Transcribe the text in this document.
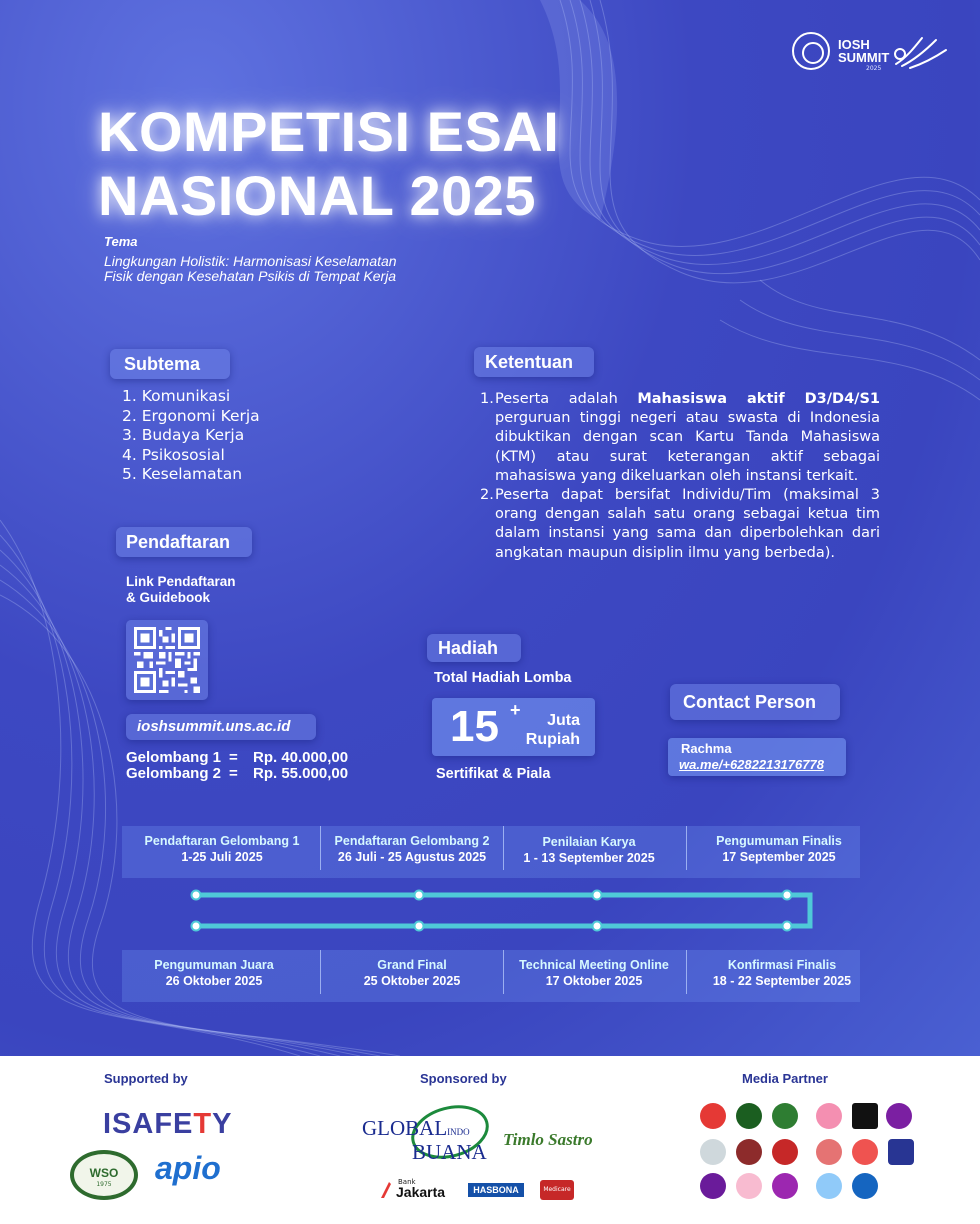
IOSH SUMMIT
2025
KOMPETISI ESAI
NASIONAL 2025
Tema
Lingkungan Holistik: Harmonisasi Keselamatan
Fisik dengan Kesehatan Psikis di Tempat Kerja
Subtema
1. Komunikasi
2. Ergonomi Kerja
3. Budaya Kerja
4. Psikososial
5. Keselamatan
Ketentuan
1. Peserta adalah Mahasiswa aktif D3/D4/S1 perguruan tinggi negeri atau swasta di Indonesia dibuktikan dengan scan Kartu Tanda Mahasiswa (KTM) atau surat keterangan aktif sebagai mahasiswa yang dikeluarkan oleh instansi terkait.
2. Peserta dapat bersifat Individu/Tim (maksimal 3 orang dengan salah satu orang sebagai ketua tim dalam instansi yang sama dan diperbolehkan dari angkatan maupun disiplin ilmu yang berbeda).
Pendaftaran
Link Pendaftaran
& Guidebook
ioshsummit.uns.ac.id
Gelombang 1 =	Rp. 40.000,00
Gelombang 2 =	Rp. 55.000,00
Hadiah
Total Hadiah Lomba
15 +
Juta
Rupiah
Sertifikat & Piala
Contact Person
Rachma
wa.me/+6282213176778
Pendaftaran Gelombang 1
1-25 Juli 2025
Pendaftaran Gelombang 2
26 Juli - 25 Agustus 2025
Penilaian Karya
1 - 13 September 2025
Pengumuman Finalis
17 September 2025
Pengumuman Juara
26 Oktober 2025
Grand Final
25 Oktober 2025
Technical Meeting Online
17 Oktober 2025
Konfirmasi Finalis
18 - 22 September 2025
Supported by	Sponsored by	Media Partner
ISAFETY
WSO
1975	apio
GLOBALINDO
BUANA
Timlo Sastro
Bank
Jakarta	HASBONA	Medicare
